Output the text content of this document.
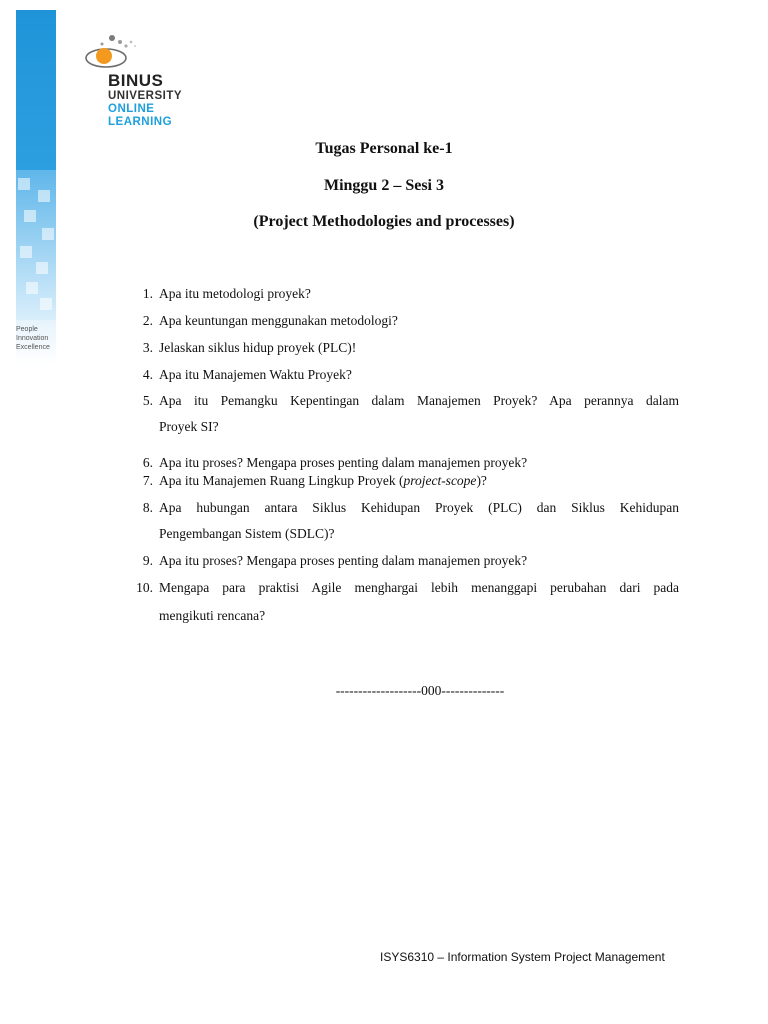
People
Innovation
Excellence
BINUS
UNIVERSITY
ONLINE
LEARNING
Tugas Personal ke-1
Minggu 2 – Sesi 3
(Project Methodologies and processes)
1. Apa itu metodologi proyek?
2. Apa keuntungan menggunakan metodologi?
3. Jelaskan siklus hidup proyek (PLC)!
4. Apa itu Manajemen Waktu Proyek?
5. Apa itu Pemangku Kepentingan dalam Manajemen Proyek? Apa perannya dalam
Proyek SI?
6. Apa itu proses? Mengapa proses penting dalam manajemen proyek?
7. Apa itu Manajemen Ruang Lingkup Proyek (project-scope)?
8. Apa hubungan antara Siklus Kehidupan Proyek (PLC) dan Siklus Kehidupan
Pengembangan Sistem (SDLC)?
9. Apa itu proses? Mengapa proses penting dalam manajemen proyek?
10. Mengapa para praktisi Agile menghargai lebih menanggapi perubahan dari pada
mengikuti rencana?
-------------------000--------------
ISYS6310 – Information System Project Management
